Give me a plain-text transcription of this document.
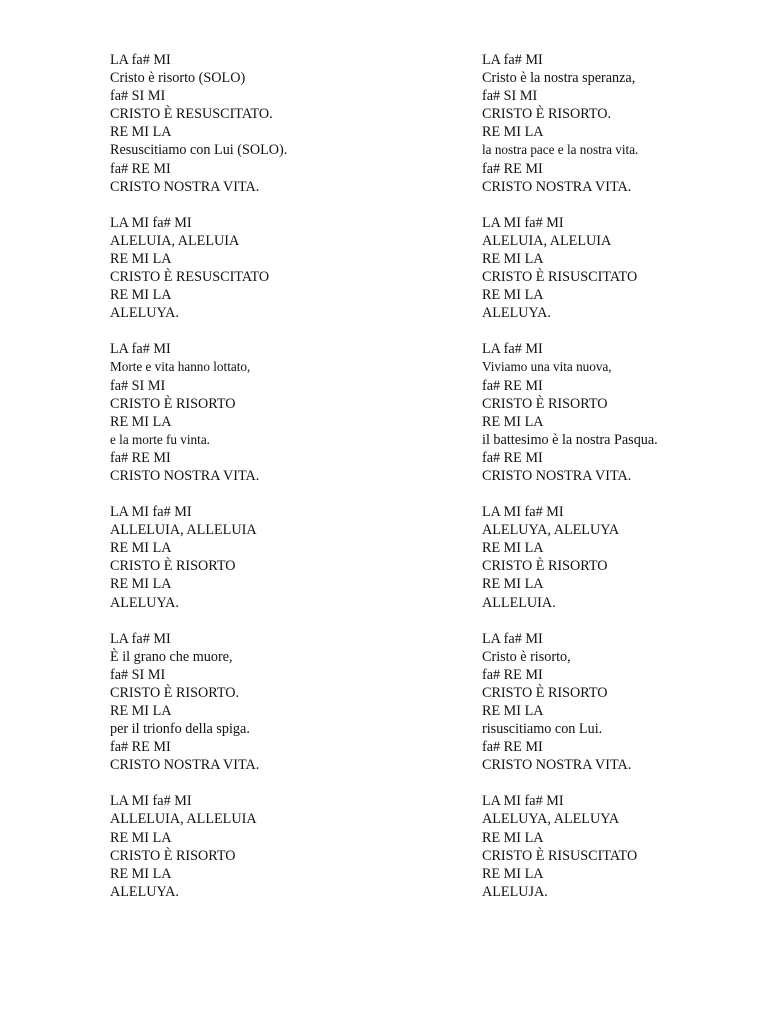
LA fa# MI
Cristo è risorto (SOLO)
fa# SI MI
CRISTO È RESUSCITATO.
RE MI LA
Resuscitiamo con Lui (SOLO).
fa# RE MI
CRISTO NOSTRA VITA.
LA MI fa# MI
ALELUIA, ALELUIA
RE MI LA
CRISTO È RESUSCITATO
RE MI LA
ALELUYA.
LA fa# MI
Morte e vita hanno lottato,
fa# SI MI
CRISTO È RISORTO
RE MI LA
e la morte fu vinta.
fa# RE MI
CRISTO NOSTRA VITA.
LA MI fa# MI
ALLELUIA, ALLELUIA
RE MI LA
CRISTO È RISORTO
RE MI LA
ALELUYA.
LA fa# MI
È il grano che muore,
fa# SI MI
CRISTO È RISORTO.
RE MI LA
per il trionfo della spiga.
fa# RE MI
CRISTO NOSTRA VITA.
LA MI fa# MI
ALLELUIA, ALLELUIA
RE MI LA
CRISTO È RISORTO
RE MI LA
ALELUYA.
LA fa# MI
Cristo è la nostra speranza,
fa# SI MI
CRISTO È RISORTO.
RE MI LA
la nostra pace e la nostra vita.
fa# RE MI
CRISTO NOSTRA VITA.
LA MI fa# MI
ALELUIA, ALELUIA
RE MI LA
CRISTO È RISUSCITATO
RE MI LA
ALELUYA.
LA fa# MI
Viviamo una vita nuova,
fa# RE MI
CRISTO È RISORTO
RE MI LA
il battesimo è la nostra Pasqua.
fa# RE MI
CRISTO NOSTRA VITA.
LA MI fa# MI
ALELUYA, ALELUYA
RE MI LA
CRISTO È RISORTO
RE MI LA
ALLELUIA.
LA fa# MI
Cristo è risorto,
fa# RE MI
CRISTO È RISORTO
RE MI LA
risuscitiamo con Lui.
fa# RE MI
CRISTO NOSTRA VITA.
LA MI fa# MI
ALELUYA, ALELUYA
RE MI LA
CRISTO È RISUSCITATO
RE MI LA
ALELUJA.
